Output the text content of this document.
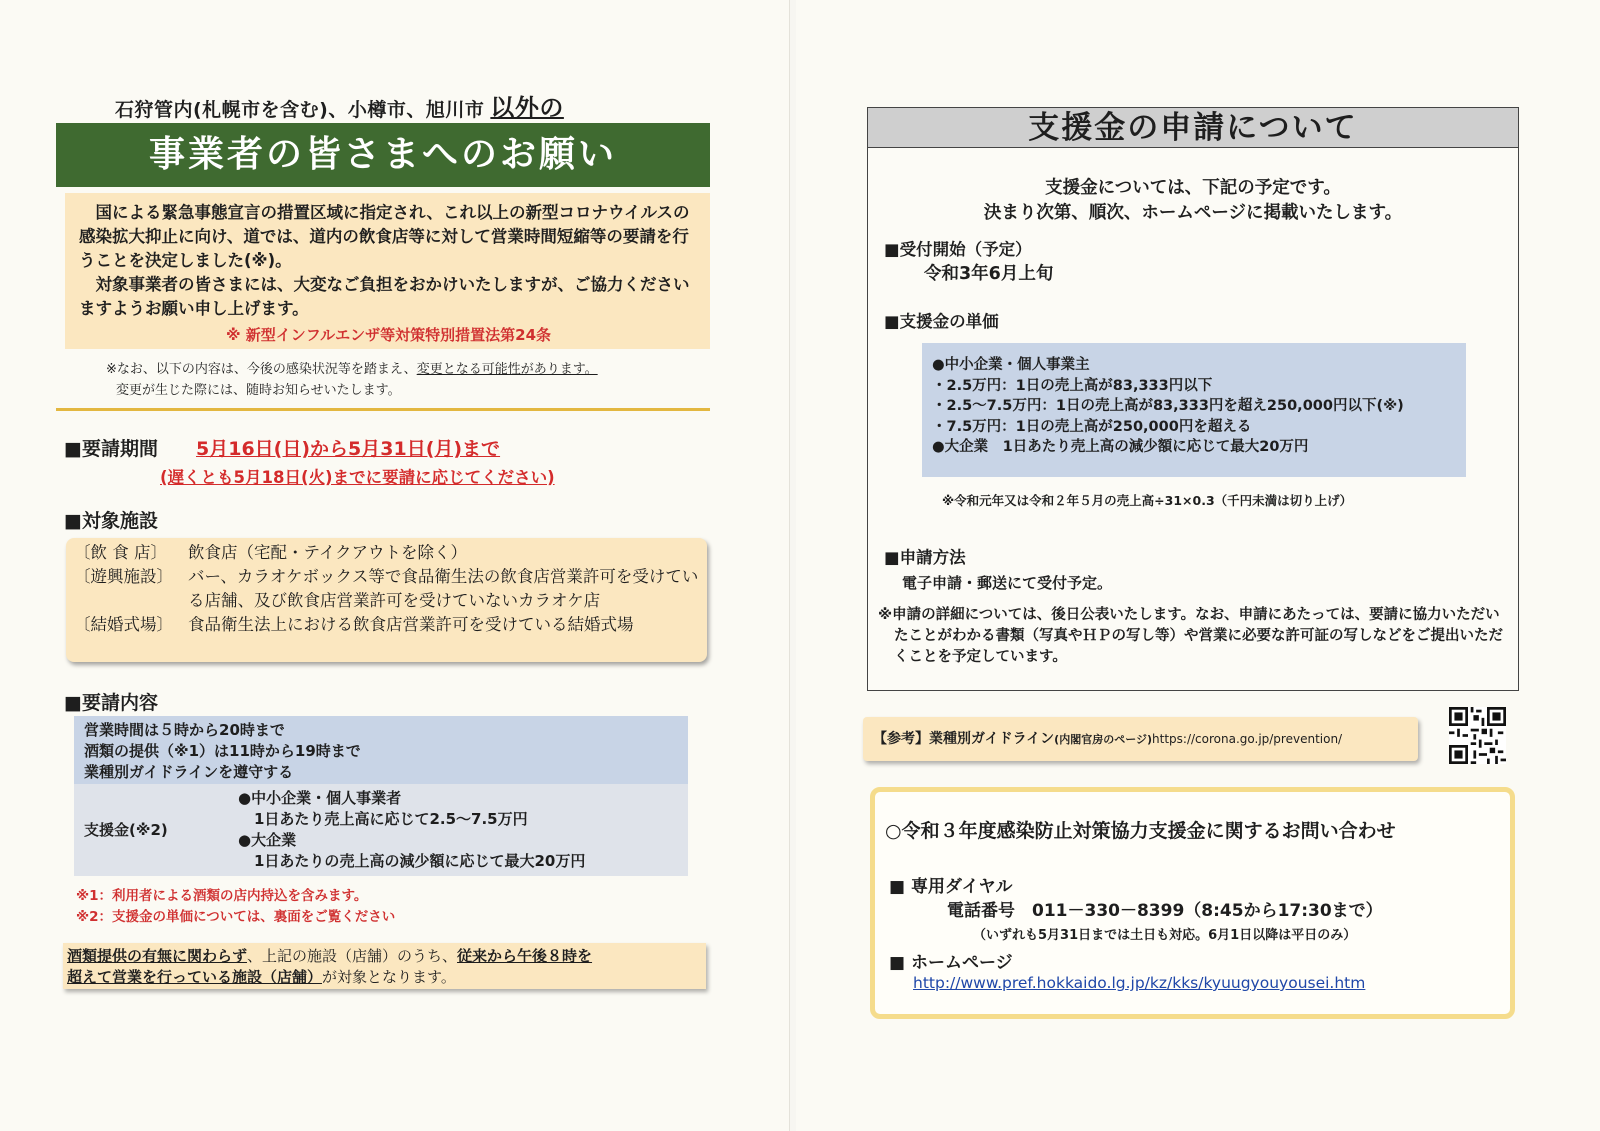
石狩管内(札幌市を含む)、小樽市、旭川市 以外の
事業者の皆さまへのお願い

国による緊急事態宣言の措置区域に指定され、これ以上の新型コロナウイルスの感染拡大抑止に向け、道では、道内の飲食店等に対して営業時間短縮等の要請を行うことを決定しました(※)。

対象事業者の皆さまには、大変なご負担をおかけいたしますが、ご協力くださいますようお願い申し上げます。

※ 新型インフルエンザ等対策特別措置法第24条

※なお、以下の内容は、今後の感染状況等を踏まえ、変更となる可能性があります。
変更が生じた際には、随時お知らせいたします。
■要請期間 5月16日(日)から5月31日(月)まで
(遅くとも5月18日(火)までに要請に応じてください)
■対象施設
〔飲 食 店〕	飲食店（宅配・テイクアウトを除く）
〔遊興施設〕 バー、カラオケボックス等で食品衛生法の飲食店営業許可を受けている店舗、及び飲食店営業許可を受けていないカラオケ店
〔結婚式場〕 食品衛生法上における飲食店営業許可を受けている結婚式場
■要請内容
営業時間は５時から20時まで
酒類の提供（※1）は11時から19時まで
業種別ガイドラインを遵守する
支援金(※2)
●中小企業・個人事業者
1日あたり売上高に応じて2.5～7.5万円
●大企業
1日あたりの売上高の減少額に応じて最大20万円
※1：利用者による酒類の店内持込を含みます。
※2：支援金の単価については、裏面をご覧ください
酒類提供の有無に関わらず、上記の施設（店舗）のうち、従来から午後８時を
超えて営業を行っている施設（店舗）が対象となります。
支援金の申請について
支援金については、下記の予定です。
決まり次第、順次、ホームページに掲載いたします。
■受付開始（予定）
令和3年6月上旬
■支援金の単価
●中小企業・個人事業主
・2.5万円：1日の売上高が83,333円以下
・2.5～7.5万円：1日の売上高が83,333円を超え250,000円以下(※)
・7.5万円：1日の売上高が250,000円を超える
●大企業　1日あたり売上高の減少額に応じて最大20万円
※令和元年又は令和２年５月の売上高÷31×0.3（千円未満は切り上げ）
■申請方法
電子申請・郵送にて受付予定。
※申請の詳細については、後日公表いたします。なお、申請にあたっては、要請に協力いただいたことがわかる書類（写真やＨＰの写し等）や営業に必要な許可証の写しなどをご提出いただくことを予定しています。
【参考】業種別ガイドライン(内閣官房のページ)https://corona.go.jp/prevention/
○令和３年度感染防止対策協力支援金に関するお問い合わせ
■ 専用ダイヤル
電話番号　011－330－8399（8:45から17:30まで）
（いずれも5月31日までは土日も対応。6月1日以降は平日のみ）
■ ホームページ
http://www.pref.hokkaido.lg.jp/kz/kks/kyuugyouyousei.htm
